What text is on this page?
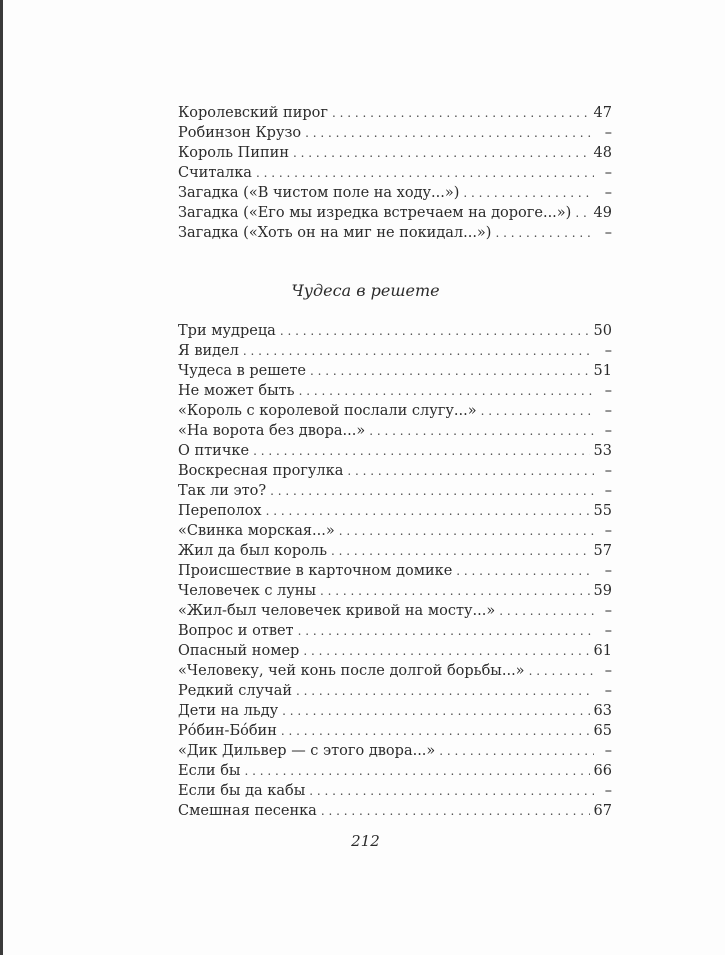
Королевский пирог . . .	47
Робинзон Крузо . . .	–
Король Пипин . . .	48
Считалка . . .	–
Загадка («В чистом поле на ходу...») . . .	–
Загадка («Его мы изредка встречаем на дороге...») . . . 49
Загадка («Хоть он на миг не покидал...») . . .	–
Чудеса в решете
Три мудреца . . .	50
Я видел . . .	–
Чудеса в решете . . .	51
Не может быть . . .	–
«Король с королевой послали слугу...» . . .	–
«На ворота без двора...» . . .	–
О птичке . . .	53
Воскресная прогулка . . .	–
Так ли это? . . .	–
Переполох . . .	55
«Свинка морская...» . . .	–
Жил да был король . . .	57
Происшествие в карточном домике . . .	–
Человечек с луны . . .	59
«Жил-был человечек кривой на мосту...» . . .	–
Вопрос и ответ . . .	–
Опасный номер . . .	61
«Человеку, чей конь после долгой борьбы...» . . .	–
Редкий случай . . .	–
Дети на льду . . .	63
Рóбин-Бóбин . . .	65
«Дик Дильвер — с этого двора...» . . .	–
Если бы . . .	66
Если бы да кабы . . .	–
Смешная песенка . . .	67
212
